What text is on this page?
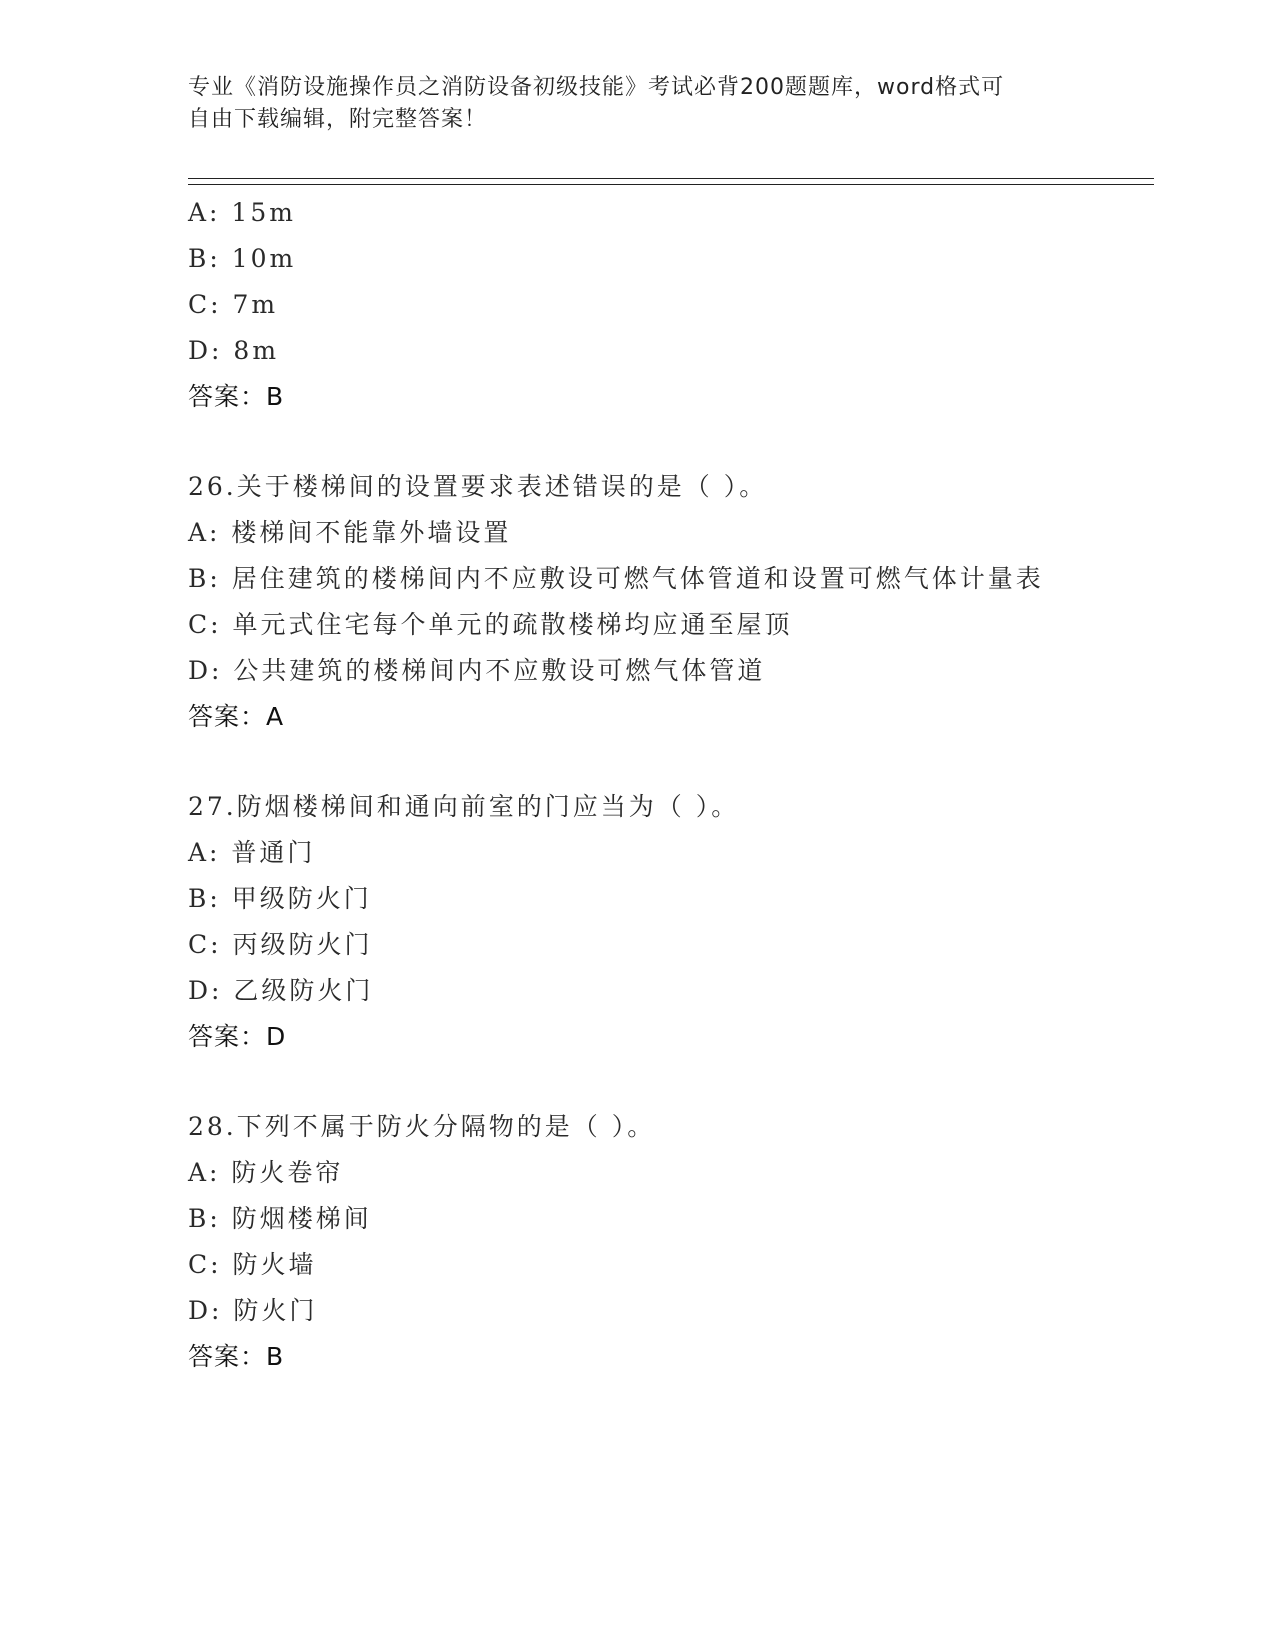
专业《消防设施操作员之消防设备初级技能》考试必背200题题库，word格式可
自由下载编辑，附完整答案！
A: 15m
B: 10m
C: 7m
D: 8m
答案：B
26.关于楼梯间的设置要求表述错误的是（ ）。
A: 楼梯间不能靠外墙设置
B: 居住建筑的楼梯间内不应敷设可燃气体管道和设置可燃气体计量表
C: 单元式住宅每个单元的疏散楼梯均应通至屋顶
D: 公共建筑的楼梯间内不应敷设可燃气体管道
答案：A
27.防烟楼梯间和通向前室的门应当为（ ）。
A: 普通门
B: 甲级防火门
C: 丙级防火门
D: 乙级防火门
答案：D
28.下列不属于防火分隔物的是（ ）。
A: 防火卷帘
B: 防烟楼梯间
C: 防火墙
D: 防火门
答案：B
